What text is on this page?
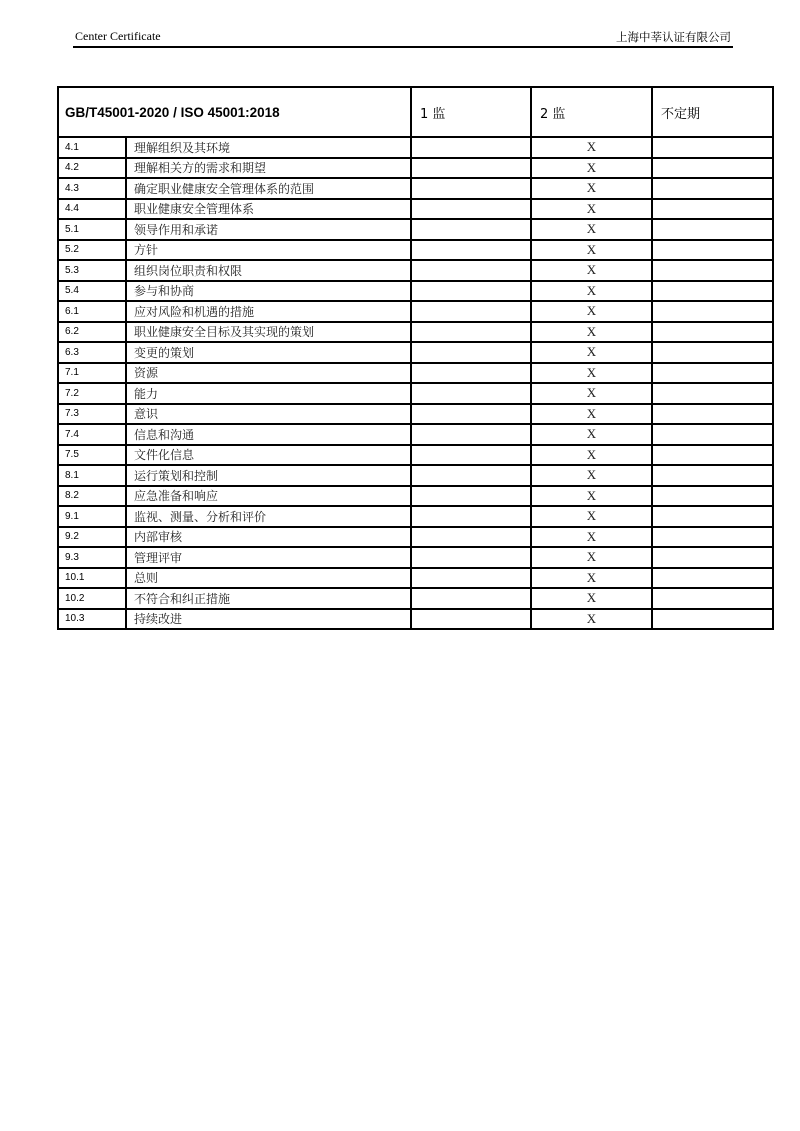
Center Certificate	上海中莘认证有限公司
GB/T45001-2020 / ISO 45001:2018		1 监	2 监	不定期
4.1	理解组织及其环境		X	
4.2	理解相关方的需求和期望		X	
4.3	确定职业健康安全管理体系的范围		X	
4.4	职业健康安全管理体系		X	
5.1	领导作用和承诺		X	
5.2	方针		X	
5.3	组织岗位职责和权限		X	
5.4	参与和协商		X	
6.1	应对风险和机遇的措施		X	
6.2	职业健康安全目标及其实现的策划		X	
6.3	变更的策划		X	
7.1	资源		X	
7.2	能力		X	
7.3	意识		X	
7.4	信息和沟通		X	
7.5	文件化信息		X	
8.1	运行策划和控制		X	
8.2	应急准备和响应		X	
9.1	监视、测量、分析和评价		X	
9.2	内部审核		X	
9.3	管理评审		X	
10.1	总则		X	
10.2	不符合和纠正措施		X	
10.3	持续改进		X	
